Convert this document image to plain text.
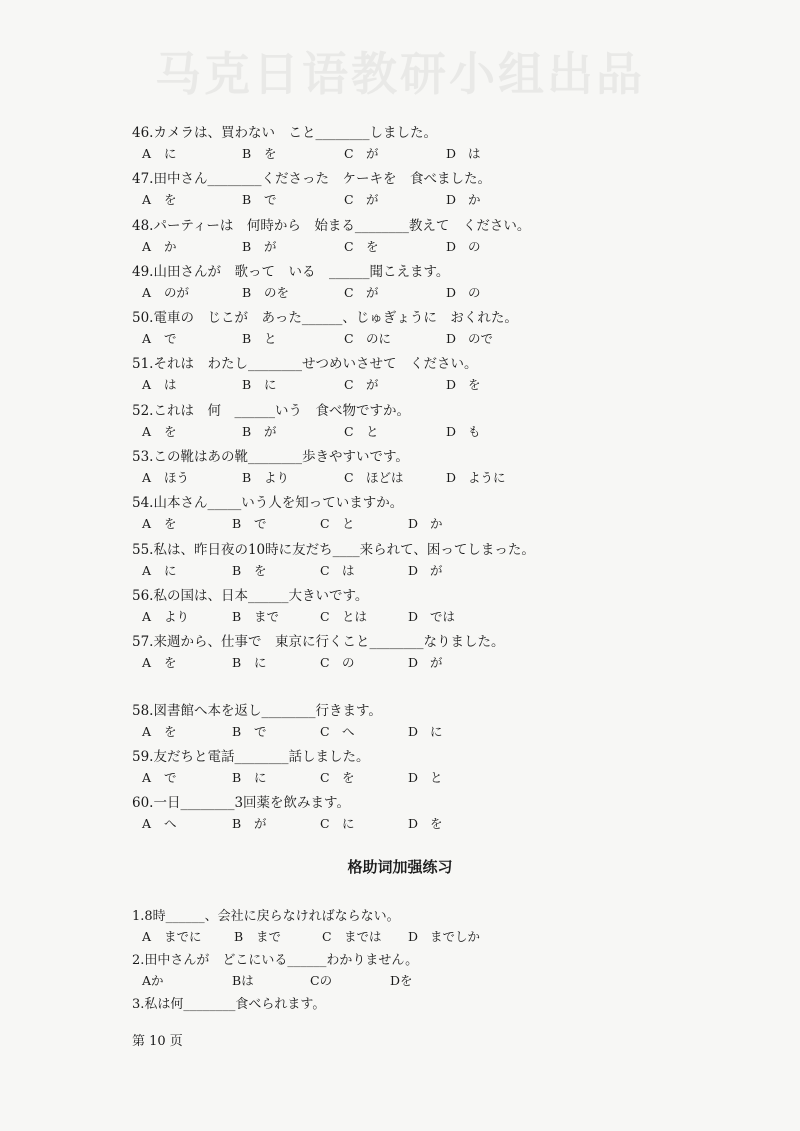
马克日语教研小组出品
46.カメラは、買わない　こと________しました。
A に	B を	C が	D は
47.田中さん________くださった　ケーキを　食べました。
A を	B で	C が	D か
48.パーティーは　何時から　始まる________教えて　ください。
A か	B が	C を	D の
49.山田さんが　歌って　いる　______聞こえます。
A のが	B のを	C が	D の
50.電車の　じこが　あった______、じゅぎょうに　おくれた。
A で	B と	C のに	D ので
51.それは　わたし________せつめいさせて　ください。
A は	B に	C が	D を
52.これは　何　______いう　食べ物ですか。
A を	B が	C と	D も
53.この靴はあの靴________歩きやすいです。
A ほう	B より	C ほどは	D ように
54.山本さん_____いう人を知っていますか。
A を	B で	C と	D か
55.私は、昨日夜の10時に友だち____来られて、困ってしまった。
A に	B を	C は	D が
56.私の国は、日本______大きいです。
A より	B まで	C とは	D では
57.来週から、仕事で　東京に行くこと________なりました。
A を	B に	C の	D が
58.図書館へ本を返し________行きます。
A を	B で	C へ	D に
59.友だちと電話________話しました。
A で	B に	C を	D と
60.一日________3回薬を飲みます。
A へ	B が	C に	D を
格助词加强练习
1.8時______、会社に戻らなければならない。
A までに	B まで	C までは D までしか
2.田中さんが　どこにいる______わかりません。
Aか	Bは	Cの	Dを
3.私は何________食べられます。
第 10 页
